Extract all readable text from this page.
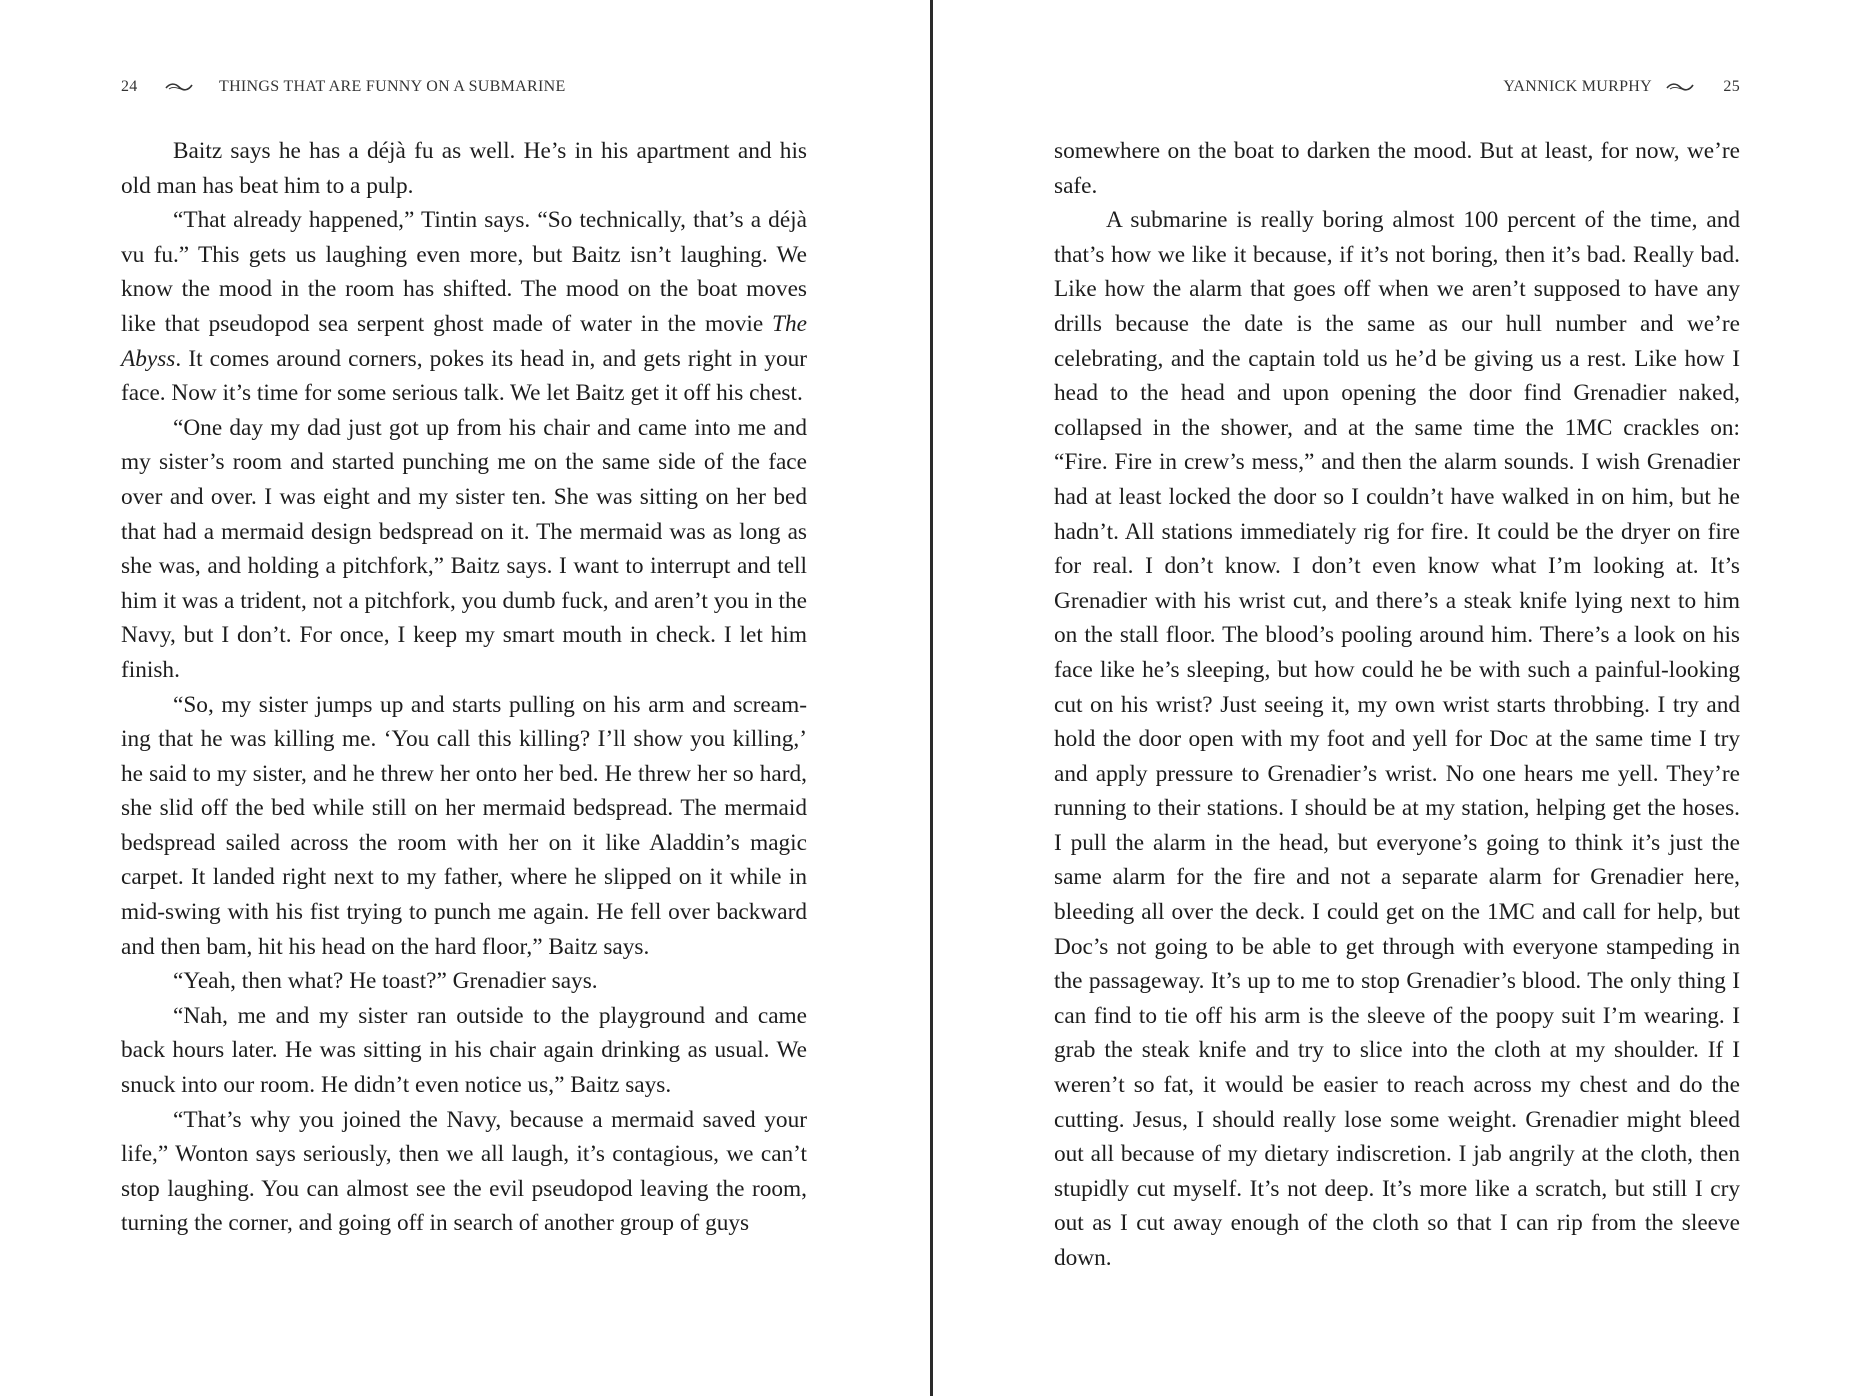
24	THINGS THAT ARE FUNNY ON A SUBMARINE

Baitz says he has a déjà fu as well. He’s in his apartment and his old man has beat him to a pulp.

“That already happened,” Tintin says. “So technically, that’s a déjà vu fu.” This gets us laughing even more, but Baitz isn’t laughing. We know the mood in the room has shifted. The mood on the boat moves like that pseudopod sea serpent ghost made of water in the movie The Abyss. It comes around corners, pokes its head in, and gets right in your face. Now it’s time for some serious talk. We let Baitz get it off his chest.

“One day my dad just got up from his chair and came into me and my sister’s room and started punching me on the same side of the face over and over. I was eight and my sister ten. She was sitting on her bed that had a mermaid design bedspread on it. The mermaid was as long as she was, and holding a pitchfork,” Baitz says. I want to interrupt and tell him it was a trident, not a pitchfork, you dumb fuck, and aren’t you in the Navy, but I don’t. For once, I keep my smart mouth in check. I let him finish.

“So, my sister jumps up and starts pulling on his arm and screaming that he was killing me. ‘You call this killing? I’ll show you killing,’ he said to my sister, and he threw her onto her bed. He threw her so hard, she slid off the bed while still on her mermaid bedspread. The mermaid bedspread sailed across the room with her on it like Aladdin’s magic carpet. It landed right next to my father, where he slipped on it while in mid-swing with his fist trying to punch me again. He fell over backward and then bam, hit his head on the hard floor,” Baitz says.

“Yeah, then what? He toast?” Grenadier says.

“Nah, me and my sister ran outside to the playground and came back hours later. He was sitting in his chair again drinking as usual. We snuck into our room. He didn’t even notice us,” Baitz says.

“That’s why you joined the Navy, because a mermaid saved your life,” Wonton says seriously, then we all laugh, it’s contagious, we can’t stop laughing. You can almost see the evil pseudopod leaving the room, turning the corner, and going off in search of another group of guys

YANNICK MURPHY	25

somewhere on the boat to darken the mood. But at least, for now, we’re safe.

A submarine is really boring almost 100 percent of the time, and that’s how we like it because, if it’s not boring, then it’s bad. Really bad. Like how the alarm that goes off when we aren’t supposed to have any drills because the date is the same as our hull number and we’re celebrating, and the captain told us he’d be giving us a rest. Like how I head to the head and upon opening the door find Grenadier naked, collapsed in the shower, and at the same time the 1MC crackles on: “Fire. Fire in crew’s mess,” and then the alarm sounds. I wish Grenadier had at least locked the door so I couldn’t have walked in on him, but he hadn’t. All stations immediately rig for fire. It could be the dryer on fire for real. I don’t know. I don’t even know what I’m looking at. It’s Grenadier with his wrist cut, and there’s a steak knife lying next to him on the stall floor. The blood’s pooling around him. There’s a look on his face like he’s sleeping, but how could he be with such a painful-looking cut on his wrist? Just seeing it, my own wrist starts throbbing. I try and hold the door open with my foot and yell for Doc at the same time I try and apply pressure to Grenadier’s wrist. No one hears me yell. They’re running to their stations. I should be at my station, helping get the hoses. I pull the alarm in the head, but everyone’s going to think it’s just the same alarm for the fire and not a separate alarm for Grenadier here, bleeding all over the deck. I could get on the 1MC and call for help, but Doc’s not going to be able to get through with everyone stampeding in the passageway. It’s up to me to stop Grenadier’s blood. The only thing I can find to tie off his arm is the sleeve of the poopy suit I’m wearing. I grab the steak knife and try to slice into the cloth at my shoulder. If I weren’t so fat, it would be easier to reach across my chest and do the cutting. Jesus, I should really lose some weight. Grenadier might bleed out all because of my dietary indiscretion. I jab angrily at the cloth, then stupidly cut myself. It’s not deep. It’s more like a scratch, but still I cry out as I cut away enough of the cloth so that I can rip from the sleeve down.
